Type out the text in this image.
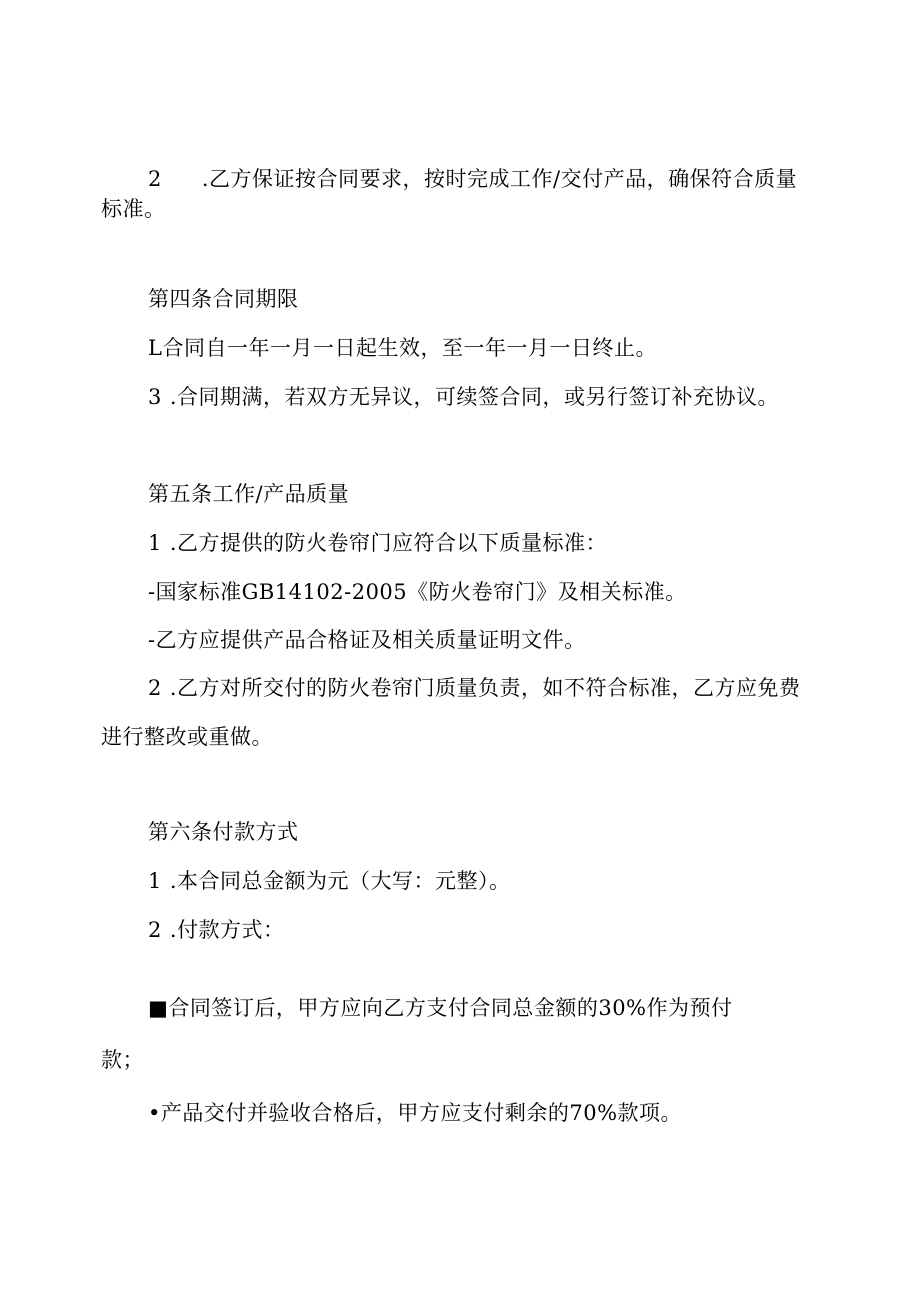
2 .乙方保证按合同要求，按时完成工作/交付产品，确保符合质量

标准。

第四条合同期限

L合同自一年一月一日起生效，至一年一月一日终止。

3 .合同期满，若双方无异议，可续签合同，或另行签订补充协议。

第五条工作/产品质量

1 .乙方提供的防火卷帘门应符合以下质量标准：

-国家标准GB14102-2005《防火卷帘门》及相关标准。

-乙方应提供产品合格证及相关质量证明文件。

2 .乙方对所交付的防火卷帘门质量负责，如不符合标准，乙方应免费

进行整改或重做。

第六条付款方式

1 .本合同总金额为元（大写：元整）。

2 .付款方式：

■合同签订后，甲方应向乙方支付合同总金额的30%作为预付

款；

•产品交付并验收合格后，甲方应支付剩余的70%款项。
